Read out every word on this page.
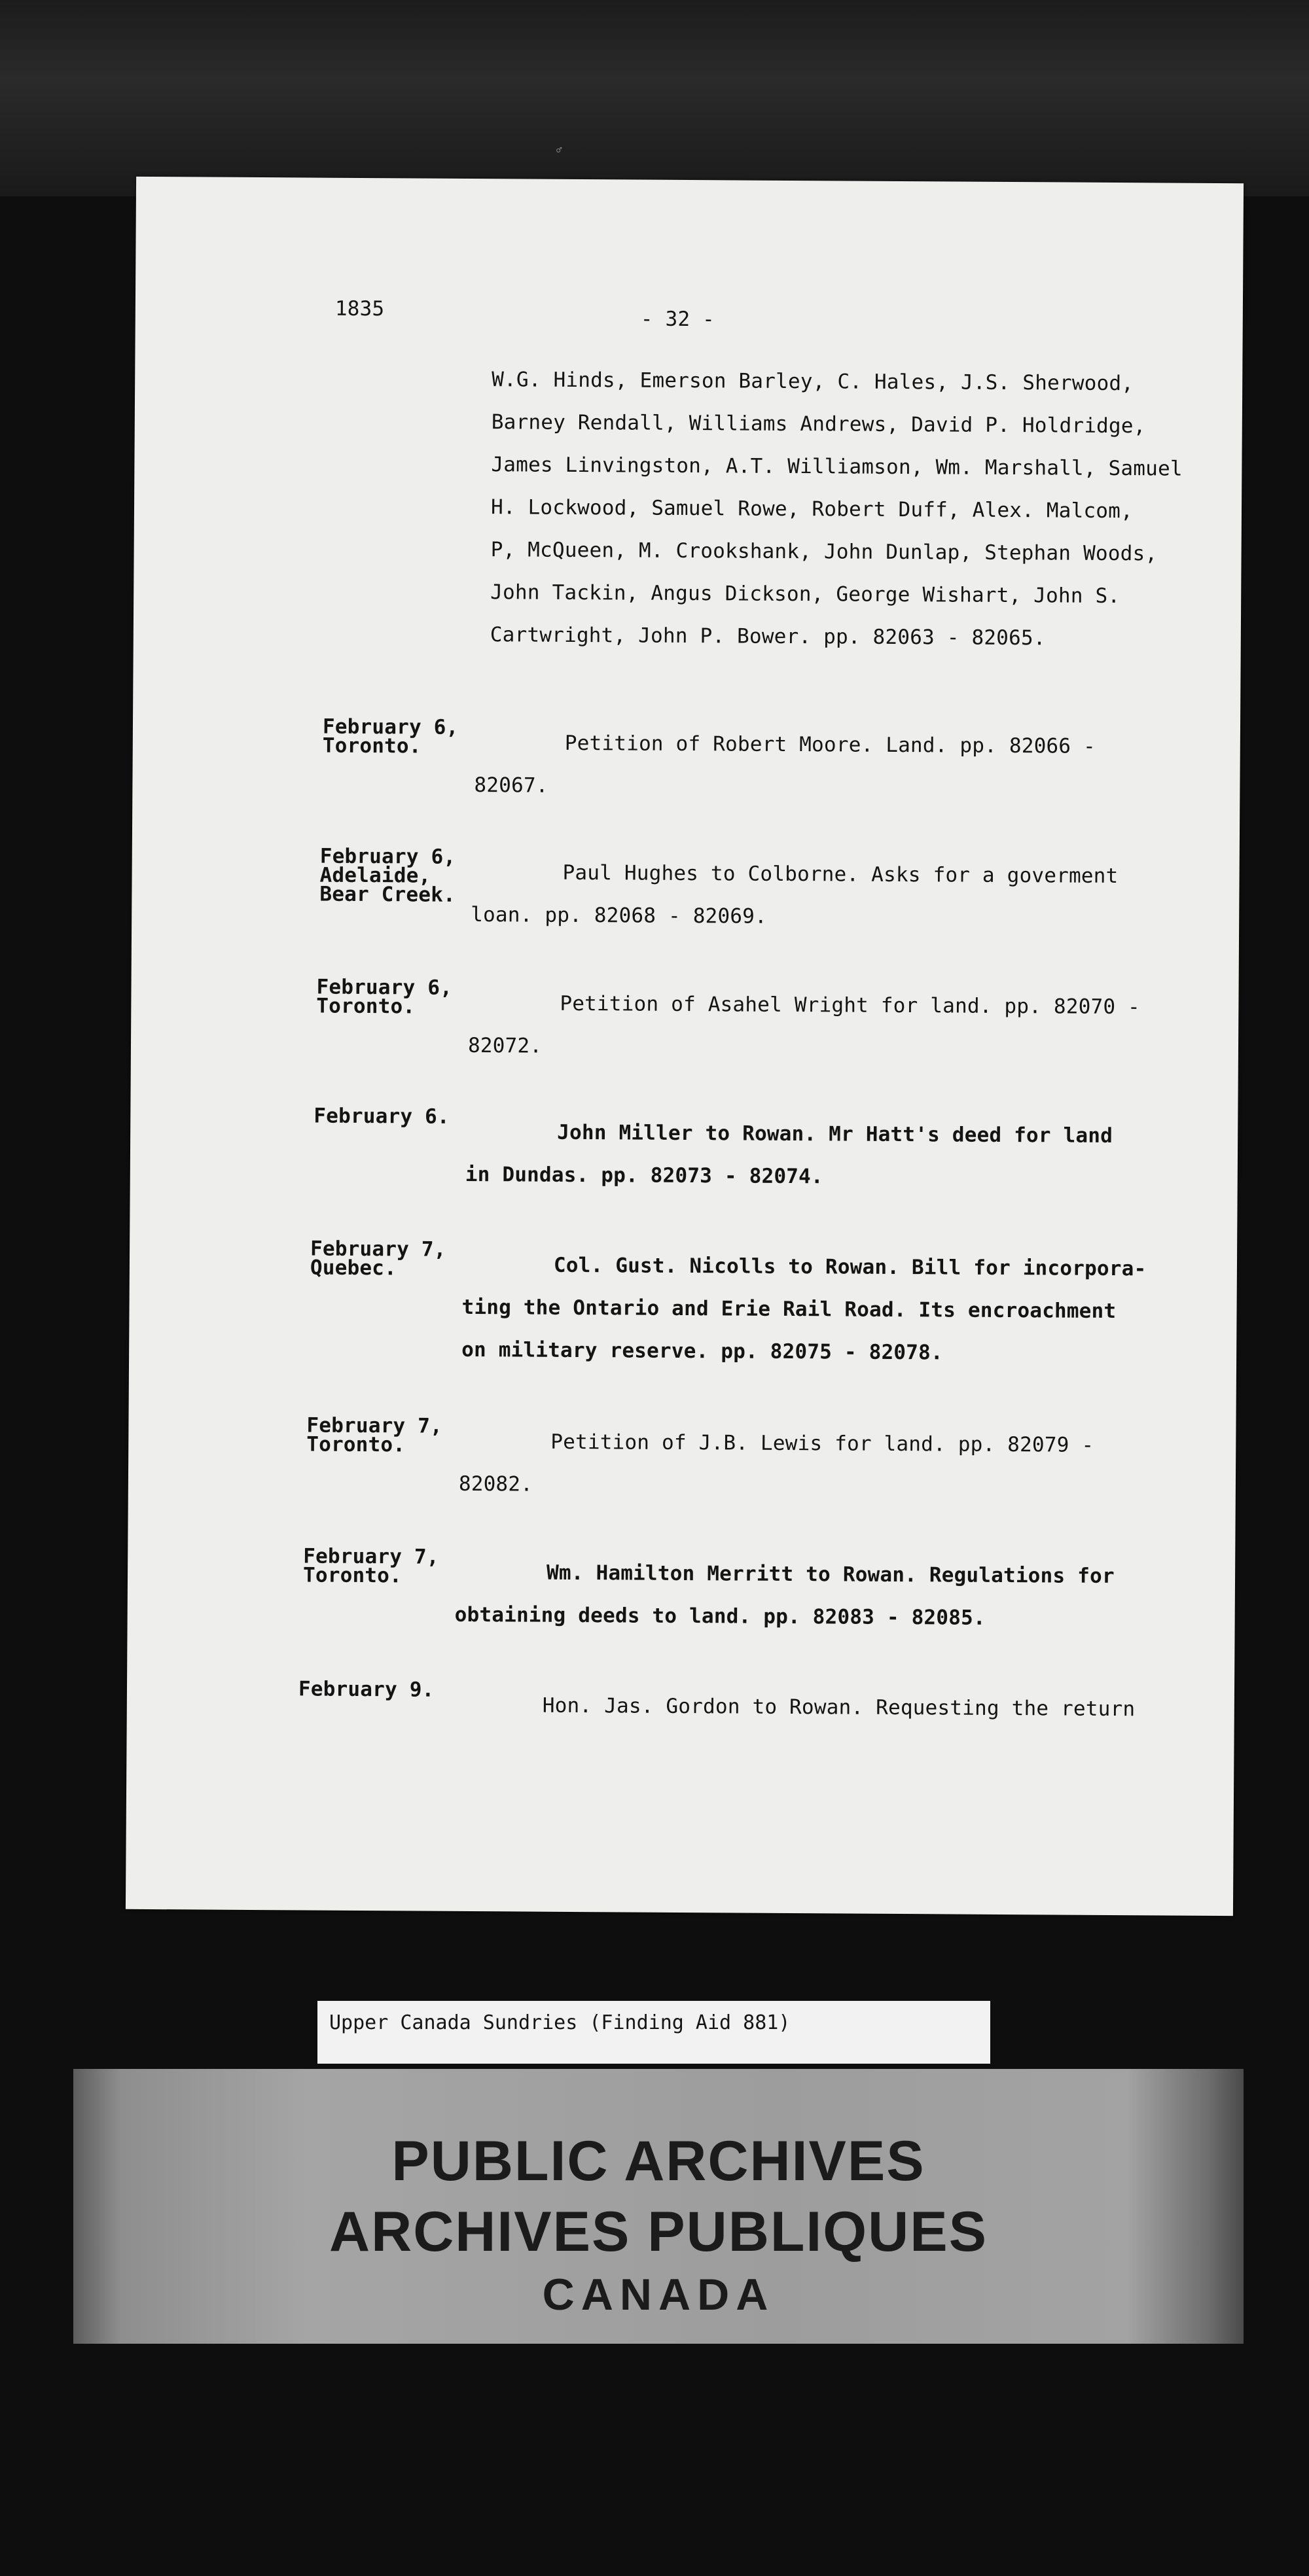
♂
1835	- 32 -
W.G. Hinds, Emerson Barley, C. Hales, J.S. Sherwood,
Barney Rendall, Williams Andrews, David P. Holdridge,
James Linvingston, A.T. Williamson, Wm. Marshall, Samuel
H. Lockwood, Samuel Rowe, Robert Duff, Alex. Malcom,
P, McQueen, M. Crookshank, John Dunlap, Stephan Woods,
John Tackin, Angus Dickson, George Wishart, John S.
Cartwright, John P. Bower. pp. 82063 - 82065.
February 6,
Toronto.	Petition of Robert Moore. Land. pp. 82066 -
82067.
February 6,
Adelaide,
Bear Creek.
Paul Hughes to Colborne. Asks for a goverment
loan. pp. 82068 - 82069.
February 6,
Toronto.	Petition of Asahel Wright for land. pp. 82070 -
82072.
February 6.
John Miller to Rowan. Mr Hatt's deed for land
in Dundas. pp. 82073 - 82074.
February 7,
Quebec.	Col. Gust. Nicolls to Rowan. Bill for incorpora-
ting the Ontario and Erie Rail Road. Its encroachment
on military reserve. pp. 82075 - 82078.
February 7,
Toronto.	Petition of J.B. Lewis for land. pp. 82079 -
82082.
February 7,
Toronto.	Wm. Hamilton Merritt to Rowan. Regulations for
obtaining deeds to land. pp. 82083 - 82085.
February 9.
Hon. Jas. Gordon to Rowan. Requesting the return
Upper Canada Sundries (Finding Aid 881)
PUBLIC ARCHIVES
ARCHIVES PUBLIQUES
CANADA
